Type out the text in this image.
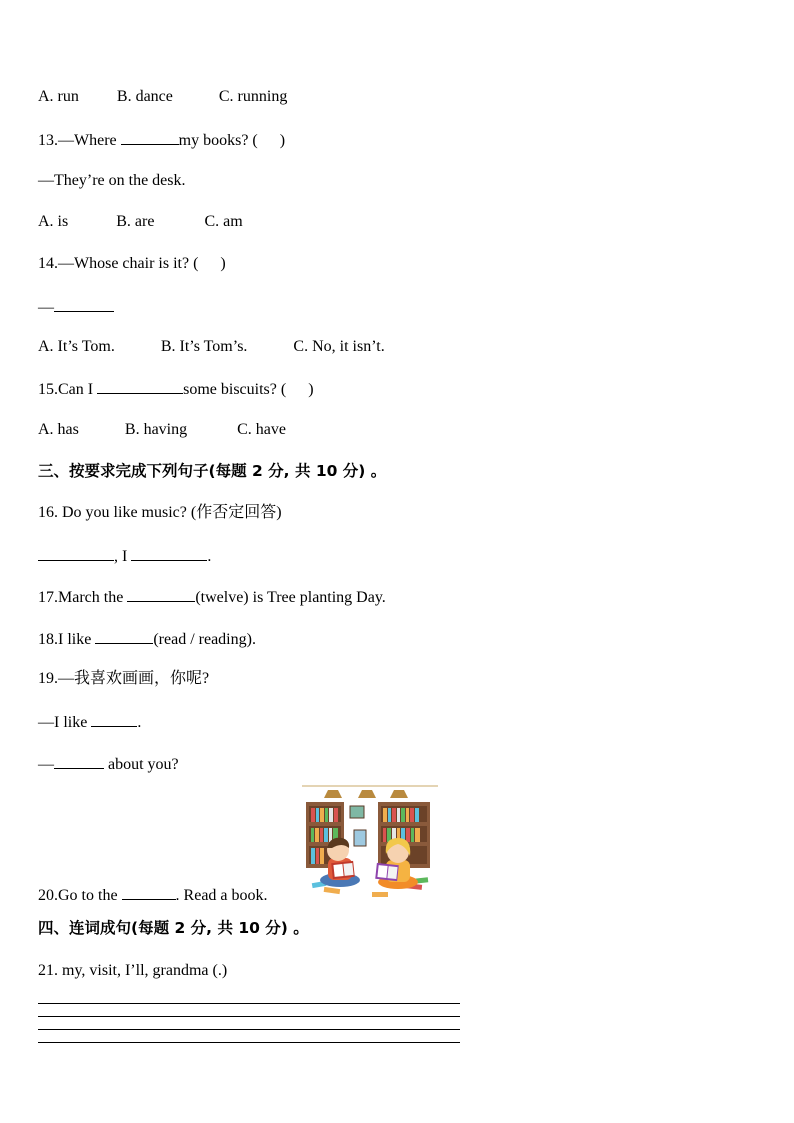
A. run B. dance	C. running
13.—Where	my books? ( )
—They’re on the desk.
A. is	B. are	C. am
14.—Whose chair is it? ( )
—
A. It’s Tom.	B. It’s Tom’s.	C. No, it isn’t.
15.Can I	some biscuits? ( )
A. has	B. having	C. have
三、按要求完成下列句子(每题 2 分, 共 10 分) 。
16. Do you like music? (作否定回答)
, I	.
17.March the	(twelve) is Tree planting Day.
18.I like	(read / reading).
19.—我喜欢画画，你呢?
—I like	.
—	about you?
20.Go to the	. Read a book.
四、连词成句(每题 2 分, 共 10 分) 。
21. my, visit, I’ll, grandma (.)
